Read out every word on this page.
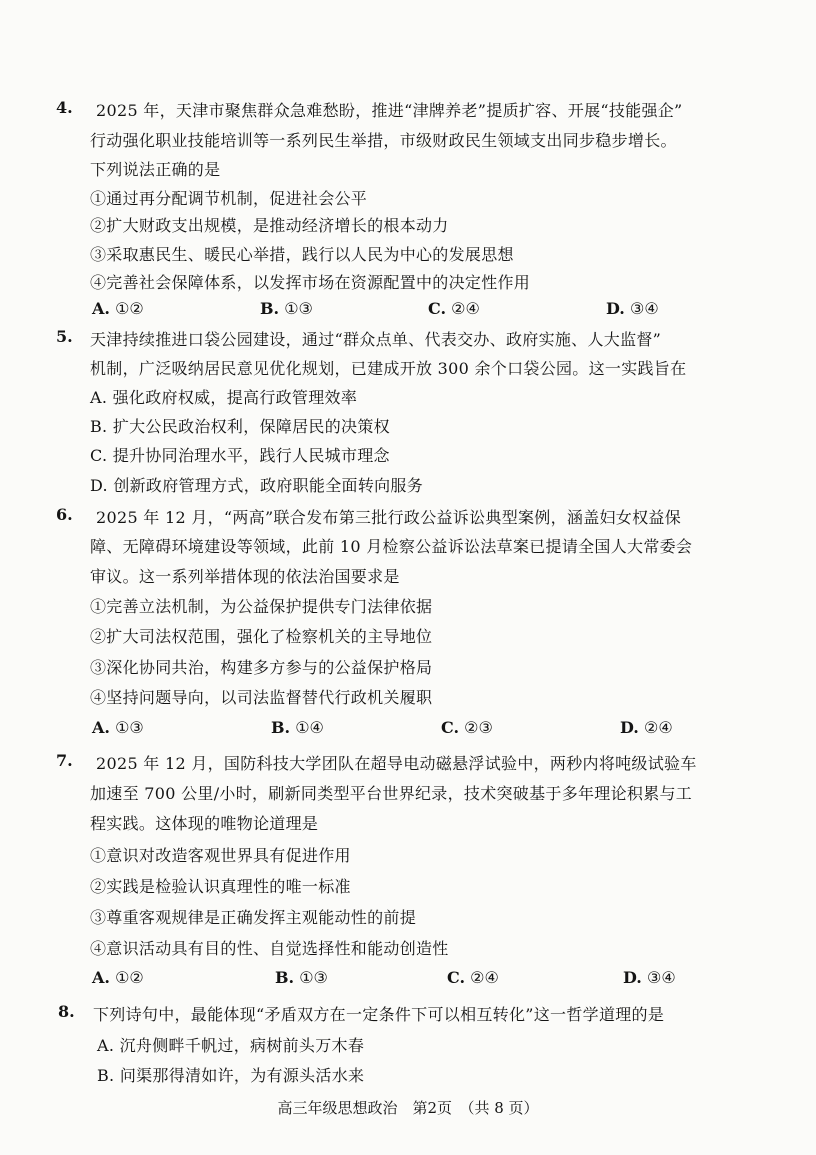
4. 2025 年，天津市聚焦群众急难愁盼，推进“津牌养老”提质扩容、开展“技能强企”
行动强化职业技能培训等一系列民生举措，市级财政民生领域支出同步稳步增长。
下列说法正确的是
①通过再分配调节机制，促进社会公平
②扩大财政支出规模，是推动经济增长的根本动力
③采取惠民生、暖民心举措，践行以人民为中心的发展思想
④完善社会保障体系，以发挥市场在资源配置中的决定性作用
A. ①②	B. ①③	C. ②④	D. ③④
5. 天津持续推进口袋公园建设，通过“群众点单、代表交办、政府实施、人大监督”
机制，广泛吸纳居民意见优化规划，已建成开放 300 余个口袋公园。这一实践旨在
A. 强化政府权威，提高行政管理效率
B. 扩大公民政治权利，保障居民的决策权
C. 提升协同治理水平，践行人民城市理念
D. 创新政府管理方式，政府职能全面转向服务
6. 2025 年 12 月，“两高”联合发布第三批行政公益诉讼典型案例，涵盖妇女权益保
障、无障碍环境建设等领域，此前 10 月检察公益诉讼法草案已提请全国人大常委会
审议。这一系列举措体现的依法治国要求是
①完善立法机制，为公益保护提供专门法律依据
②扩大司法权范围，强化了检察机关的主导地位
③深化协同共治，构建多方参与的公益保护格局
④坚持问题导向，以司法监督替代行政机关履职
A. ①③	B. ①④	C. ②③	D. ②④
7. 2025 年 12 月，国防科技大学团队在超导电动磁悬浮试验中，两秒内将吨级试验车
加速至 700 公里/小时，刷新同类型平台世界纪录，技术突破基于多年理论积累与工
程实践。这体现的唯物论道理是
①意识对改造客观世界具有促进作用
②实践是检验认识真理性的唯一标准
③尊重客观规律是正确发挥主观能动性的前提
④意识活动具有目的性、自觉选择性和能动创造性
A. ①②	B. ①③	C. ②④	D. ③④
8. 下列诗句中，最能体现“矛盾双方在一定条件下可以相互转化”这一哲学道理的是
A. 沉舟侧畔千帆过，病树前头万木春
B. 问渠那得清如许，为有源头活水来
高三年级思想政治　第2页　（共 8 页）
